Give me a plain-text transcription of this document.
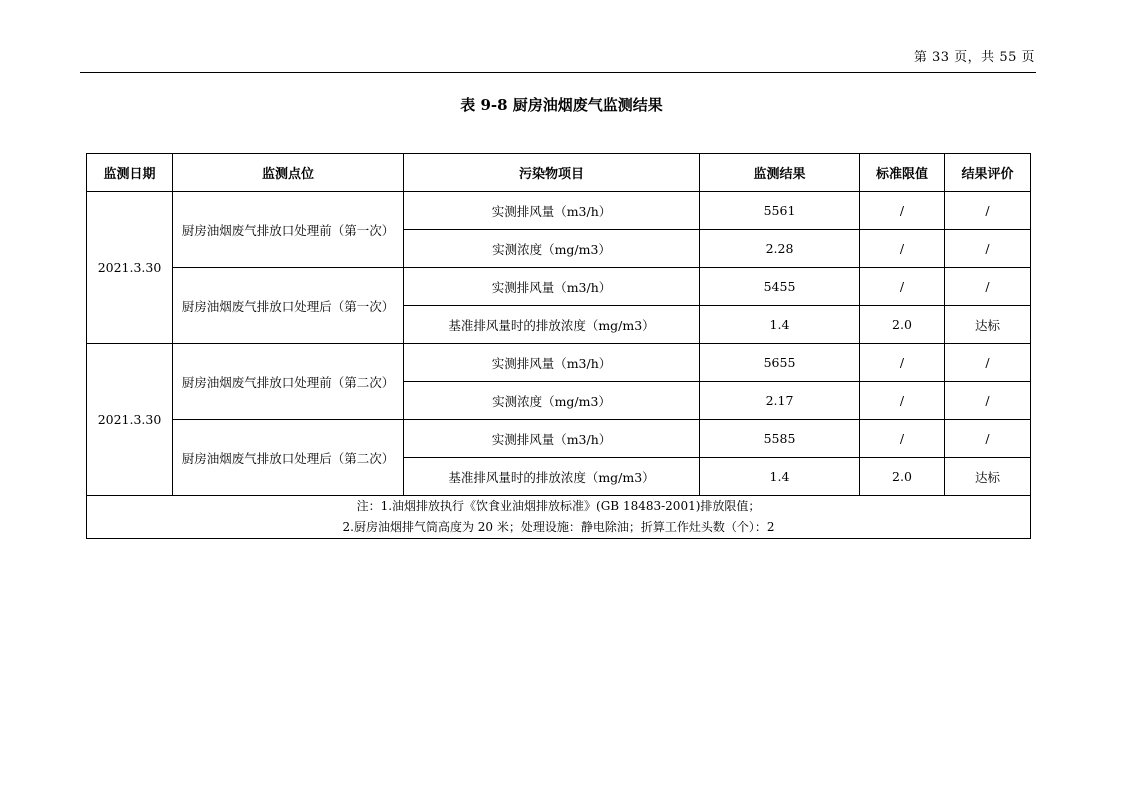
第 33 页，共 55 页
表 9-8 厨房油烟废气监测结果
监测日期	监测点位	污染物项目	监测结果	标准限值	结果评价
2021.3.30	厨房油烟废气排放口处理前（第一次）	实测排风量（m3/h）	5561	/	/
		实测浓度（mg/m3）	2.28	/	/
	厨房油烟废气排放口处理后（第一次）	实测排风量（m3/h）	5455	/	/
		基准排风量时的排放浓度（mg/m3）	1.4	2.0	达标
2021.3.30	厨房油烟废气排放口处理前（第二次）	实测排风量（m3/h）	5655	/	/
		实测浓度（mg/m3）	2.17	/	/
	厨房油烟废气排放口处理后（第二次）	实测排风量（m3/h）	5585	/	/
		基准排风量时的排放浓度（mg/m3）	1.4	2.0	达标

注：1.油烟排放执行《饮食业油烟排放标准》(GB 18483-2001)排放限值；
2.厨房油烟排气筒高度为 20 米；处理设施：静电除油；折算工作灶头数（个）：2					
